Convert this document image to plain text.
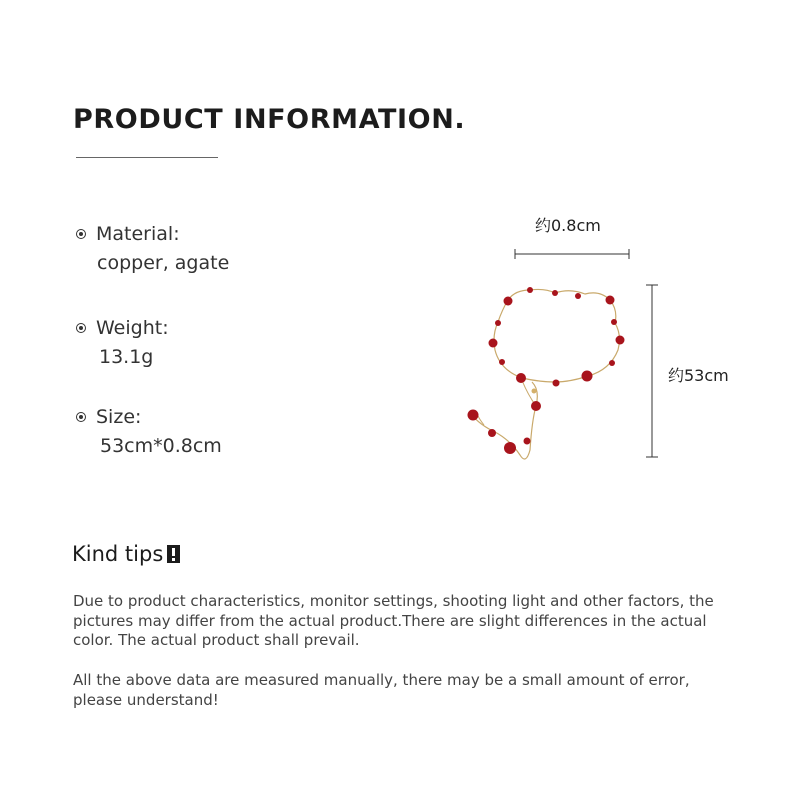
PRODUCT INFORMATION.
Material:
copper, agate
Weight:
13.1g
Size:
53cm*0.8cm
约0.8cm
约53cm
Kind tips

Due to product characteristics, monitor settings, shooting light and other factors, the pictures may differ from the actual product.There are slight differences in the actual color. The actual product shall prevail.

All the above data are measured manually, there may be a small amount of error, please understand!
